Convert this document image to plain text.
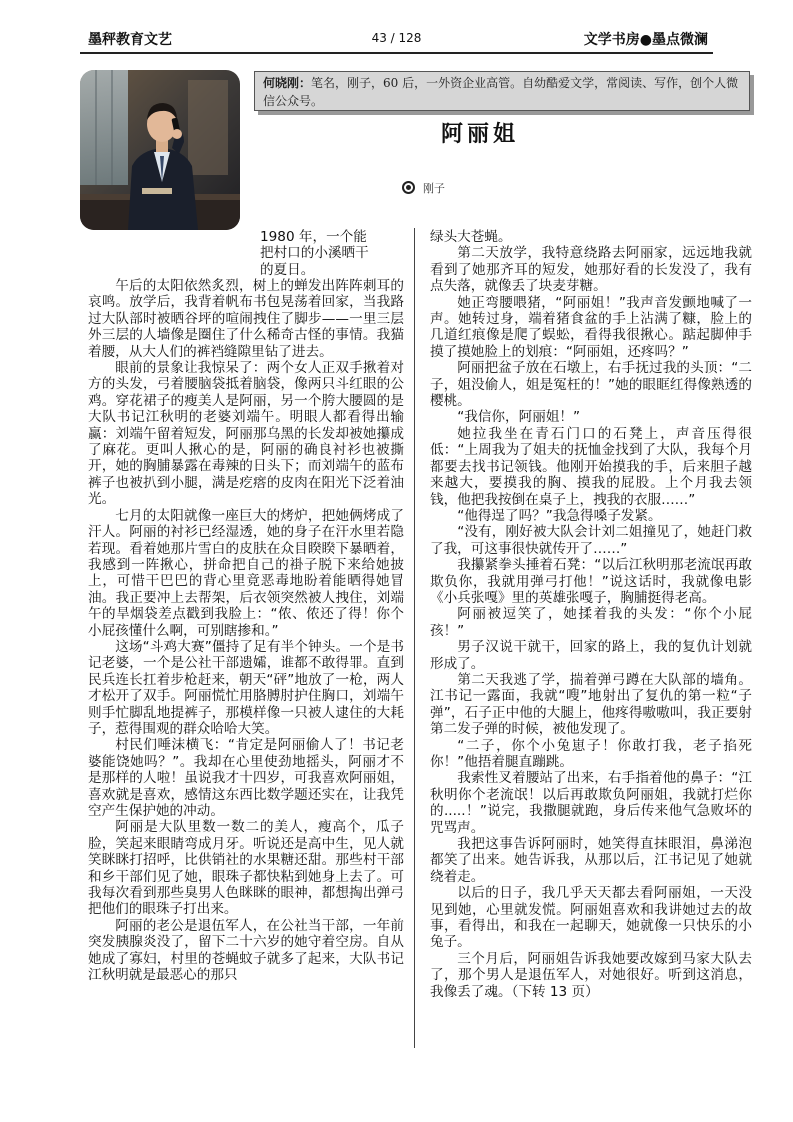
墨秤教育文艺	43 / 128	文学书房●墨点微澜
何晓刚：笔名，刚子，60 后，一外资企业高管。自幼酷爱文学，常阅读、写作，创个人微信公众号。
阿丽姐
刚子
1980 年，一个能
把村口的小溪晒干
的夏日。

午后的太阳依然炙烈，树上的蝉发出阵阵刺耳的哀鸣。放学后，我背着帆布书包晃荡着回家，当我路过大队部时被晒谷坪的喧闹拽住了脚步——一里三层外三层的人墙像是圈住了什么稀奇古怪的事情。我猫着腰，从大人们的裤裆缝隙里钻了进去。

眼前的景象让我惊呆了：两个女人正双手揪着对方的头发，弓着腰脑袋抵着脑袋，像两只斗红眼的公鸡。穿花裙子的瘦美人是阿丽，另一个胯大腰圆的是大队书记江秋明的老婆刘端午。明眼人都看得出输赢：刘端午留着短发，阿丽那乌黑的长发却被她攥成了麻花。更叫人揪心的是，阿丽的确良衬衫也被撕开，她的胸脯暴露在毒辣的日头下；而刘端午的蓝布裤子也被扒到小腿，满是疙瘩的皮肉在阳光下泛着油光。

七月的太阳就像一座巨大的烤炉，把她俩烤成了汗人。阿丽的衬衫已经湿透，她的身子在汗水里若隐若现。看着她那片雪白的皮肤在众目睽睽下暴晒着，我感到一阵揪心，拼命把自己的褂子脱下来给她披上，可惜干巴巴的背心里竟恶毒地盼着能晒得她冒油。我正要冲上去帮架，后衣领突然被人拽住，刘端午的旱烟袋差点戳到我脸上：“侬、侬还了得！你个小屁孩懂什么啊，可别瞎掺和。”

这场“斗鸡大赛”僵持了足有半个钟头。一个是书记老婆，一个是公社干部遗孀，谁都不敢得罪。直到民兵连长扛着步枪赶来，朝天“砰”地放了一枪，两人才松开了双手。阿丽慌忙用胳膊肘护住胸口，刘端午则手忙脚乱地提裤子，那模样像一只被人逮住的大耗子，惹得围观的群众哈哈大笑。

村民们唾沫横飞：“肯定是阿丽偷人了！书记老婆能饶她吗？”。我却在心里使劲地摇头，阿丽才不是那样的人啦！虽说我才十四岁，可我喜欢阿丽姐，喜欢就是喜欢，感情这东西比数学题还实在，让我凭空产生保护她的冲动。

阿丽是大队里数一数二的美人，瘦高个，瓜子脸，笑起来眼睛弯成月牙。听说还是高中生，见人就笑眯眯打招呼，比供销社的水果糖还甜。那些村干部和乡干部们见了她，眼珠子都快粘到她身上去了。可我每次看到那些臭男人色眯眯的眼神，都想掏出弹弓把他们的眼珠子打出来。

阿丽的老公是退伍军人，在公社当干部，一年前突发胰腺炎没了，留下二十六岁的她守着空房。自从她成了寡妇，村里的苍蝇蚊子就多了起来，大队书记江秋明就是最恶心的那只

绿头大苍蝇。

第二天放学，我特意绕路去阿丽家，远远地我就看到了她那齐耳的短发，她那好看的长发没了，我有点失落，就像丢了块麦芽糖。

她正弯腰喂猪，“阿丽姐！”我声音发颤地喊了一声。她转过身，端着猪食盆的手上沾满了糠，脸上的几道红痕像是爬了蜈蚣，看得我很揪心。踮起脚伸手摸了摸她脸上的划痕：“阿丽姐，还疼吗？”

阿丽把盆子放在石墩上，右手抚过我的头顶：“二子，姐没偷人，姐是冤枉的！”她的眼眶红得像熟透的樱桃。

“我信你，阿丽姐！”

她拉我坐在青石门口的石凳上，声音压得很低：“上周我为了姐夫的抚恤金找到了大队，我每个月都要去找书记领钱。他刚开始摸我的手，后来胆子越来越大，要摸我的胸、摸我的屁股。上个月我去领钱，他把我按倒在桌子上，拽我的衣服……”

“他得逞了吗？”我急得嗓子发紧。

“没有，刚好被大队会计刘二姐撞见了，她赶门救了我，可这事很快就传开了……”

我攥紧拳头捶着石凳：“以后江秋明那老流氓再敢欺负你，我就用弹弓打他！”说这话时，我就像电影《小兵张嘎》里的英雄张嘎子，胸脯挺得老高。

阿丽被逗笑了，她揉着我的头发：“你个小屁孩！”

男子汉说干就干，回家的路上，我的复仇计划就形成了。

第二天我逃了学，揣着弹弓蹲在大队部的墙角。江书记一露面，我就“嗖”地射出了复仇的第一粒“子弹”，石子正中他的大腿上，他疼得嗷嗷叫，我正要射第二发子弹的时候，被他发现了。

“二子，你个小兔崽子！你敢打我，老子掐死你！”他捂着腿直蹦跳。

我索性叉着腰站了出来，右手指着他的鼻子：“江秋明你个老流氓！以后再敢欺负阿丽姐，我就打烂你的.....！”说完，我撒腿就跑，身后传来他气急败坏的咒骂声。

我把这事告诉阿丽时，她笑得直抹眼泪，鼻涕泡都笑了出来。她告诉我，从那以后，江书记见了她就绕着走。

以后的日子，我几乎天天都去看阿丽姐，一天没见到她，心里就发慌。阿丽姐喜欢和我讲她过去的故事，看得出，和我在一起聊天，她就像一只快乐的小兔子。

三个月后，阿丽姐告诉我她要改嫁到马家大队去了，那个男人是退伍军人，对她很好。听到这消息，我像丢了魂。（下转 13 页）
